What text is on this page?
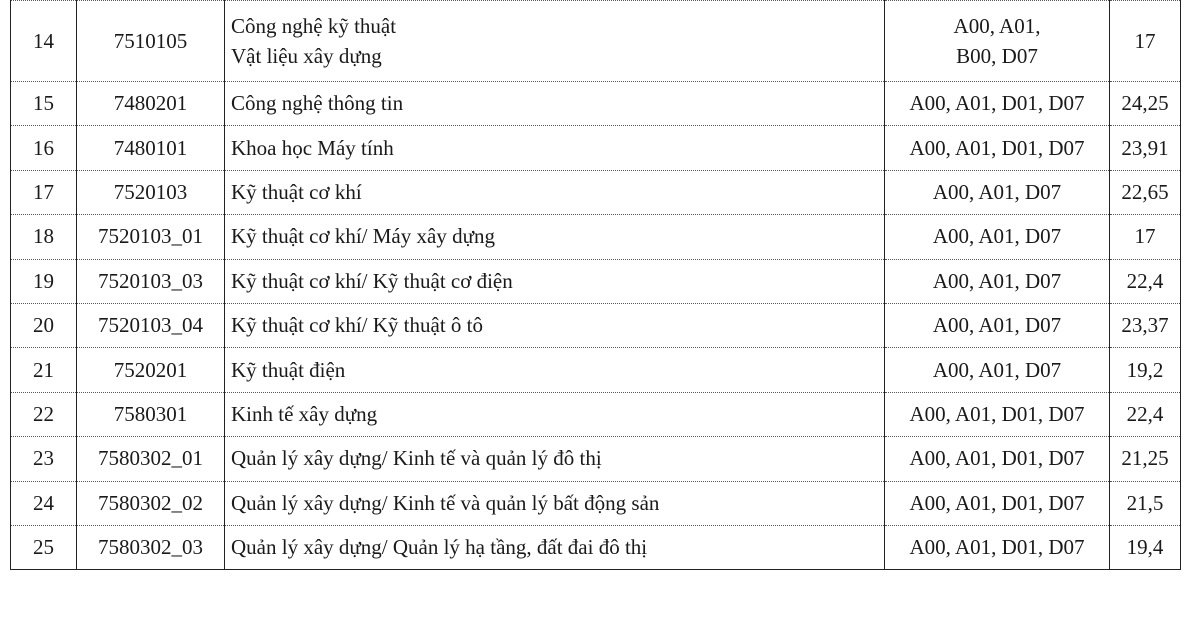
14	7510105	Công nghệ kỹ thuật
Vật liệu xây dựng	A00, A01,
B00, D07	17
15	7480201	Công nghệ thông tin	A00, A01, D01, D07	24,25
16	7480101	Khoa học Máy tính	A00, A01, D01, D07	23,91
17	7520103	Kỹ thuật cơ khí	A00, A01, D07	22,65
18	7520103_01	Kỹ thuật cơ khí/ Máy xây dựng	A00, A01, D07	17
19	7520103_03	Kỹ thuật cơ khí/ Kỹ thuật cơ điện	A00, A01, D07	22,4
20	7520103_04	Kỹ thuật cơ khí/ Kỹ thuật ô tô	A00, A01, D07	23,37
21	7520201	Kỹ thuật điện	A00, A01, D07	19,2
22	7580301	Kinh tế xây dựng	A00, A01, D01, D07	22,4
23	7580302_01	Quản lý xây dựng/ Kinh tế và quản lý đô thị	A00, A01, D01, D07	21,25
24	7580302_02	Quản lý xây dựng/ Kinh tế và quản lý bất động sản	A00, A01, D01, D07	21,5
25	7580302_03	Quản lý xây dựng/ Quản lý hạ tầng, đất đai đô thị	A00, A01, D01, D07	19,4
